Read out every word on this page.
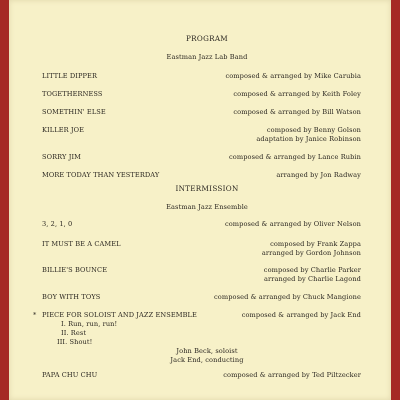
PROGRAM
Eastman Jazz Lab Band
LITTLE DIPPER	composed & arranged by Mike Carubia
TOGETHERNESS	composed & arranged by Keith Foley
SOMETHIN' ELSE	composed & arranged by Bill Watson
KILLER JOE	composed by Benny Golson
adaptation by Janice Robinson
SORRY JIM	composed & arranged by Lance Rubin
MORE TODAY THAN YESTERDAY	arranged by Jon Radway
INTERMISSION
Eastman Jazz Ensemble
3, 2, 1, 0	composed & arranged by Oliver Nelson
IT MUST BE A CAMEL	composed by Frank Zappa
arranged by Gordon Johnson
BILLIE'S BOUNCE	composed by Charlie Parker
arranged by Charlie Lagond
BOY WITH TOYS	composed & arranged by Chuck Mangione
* PIECE FOR SOLOIST AND JAZZ ENSEMBLE	composed & arranged by Jack End
I. Run, run, run!
II. Rest
III. Shout!
John Beck, soloist
Jack End, conducting
PAPA CHU CHU	composed & arranged by Ted Piltzecker
